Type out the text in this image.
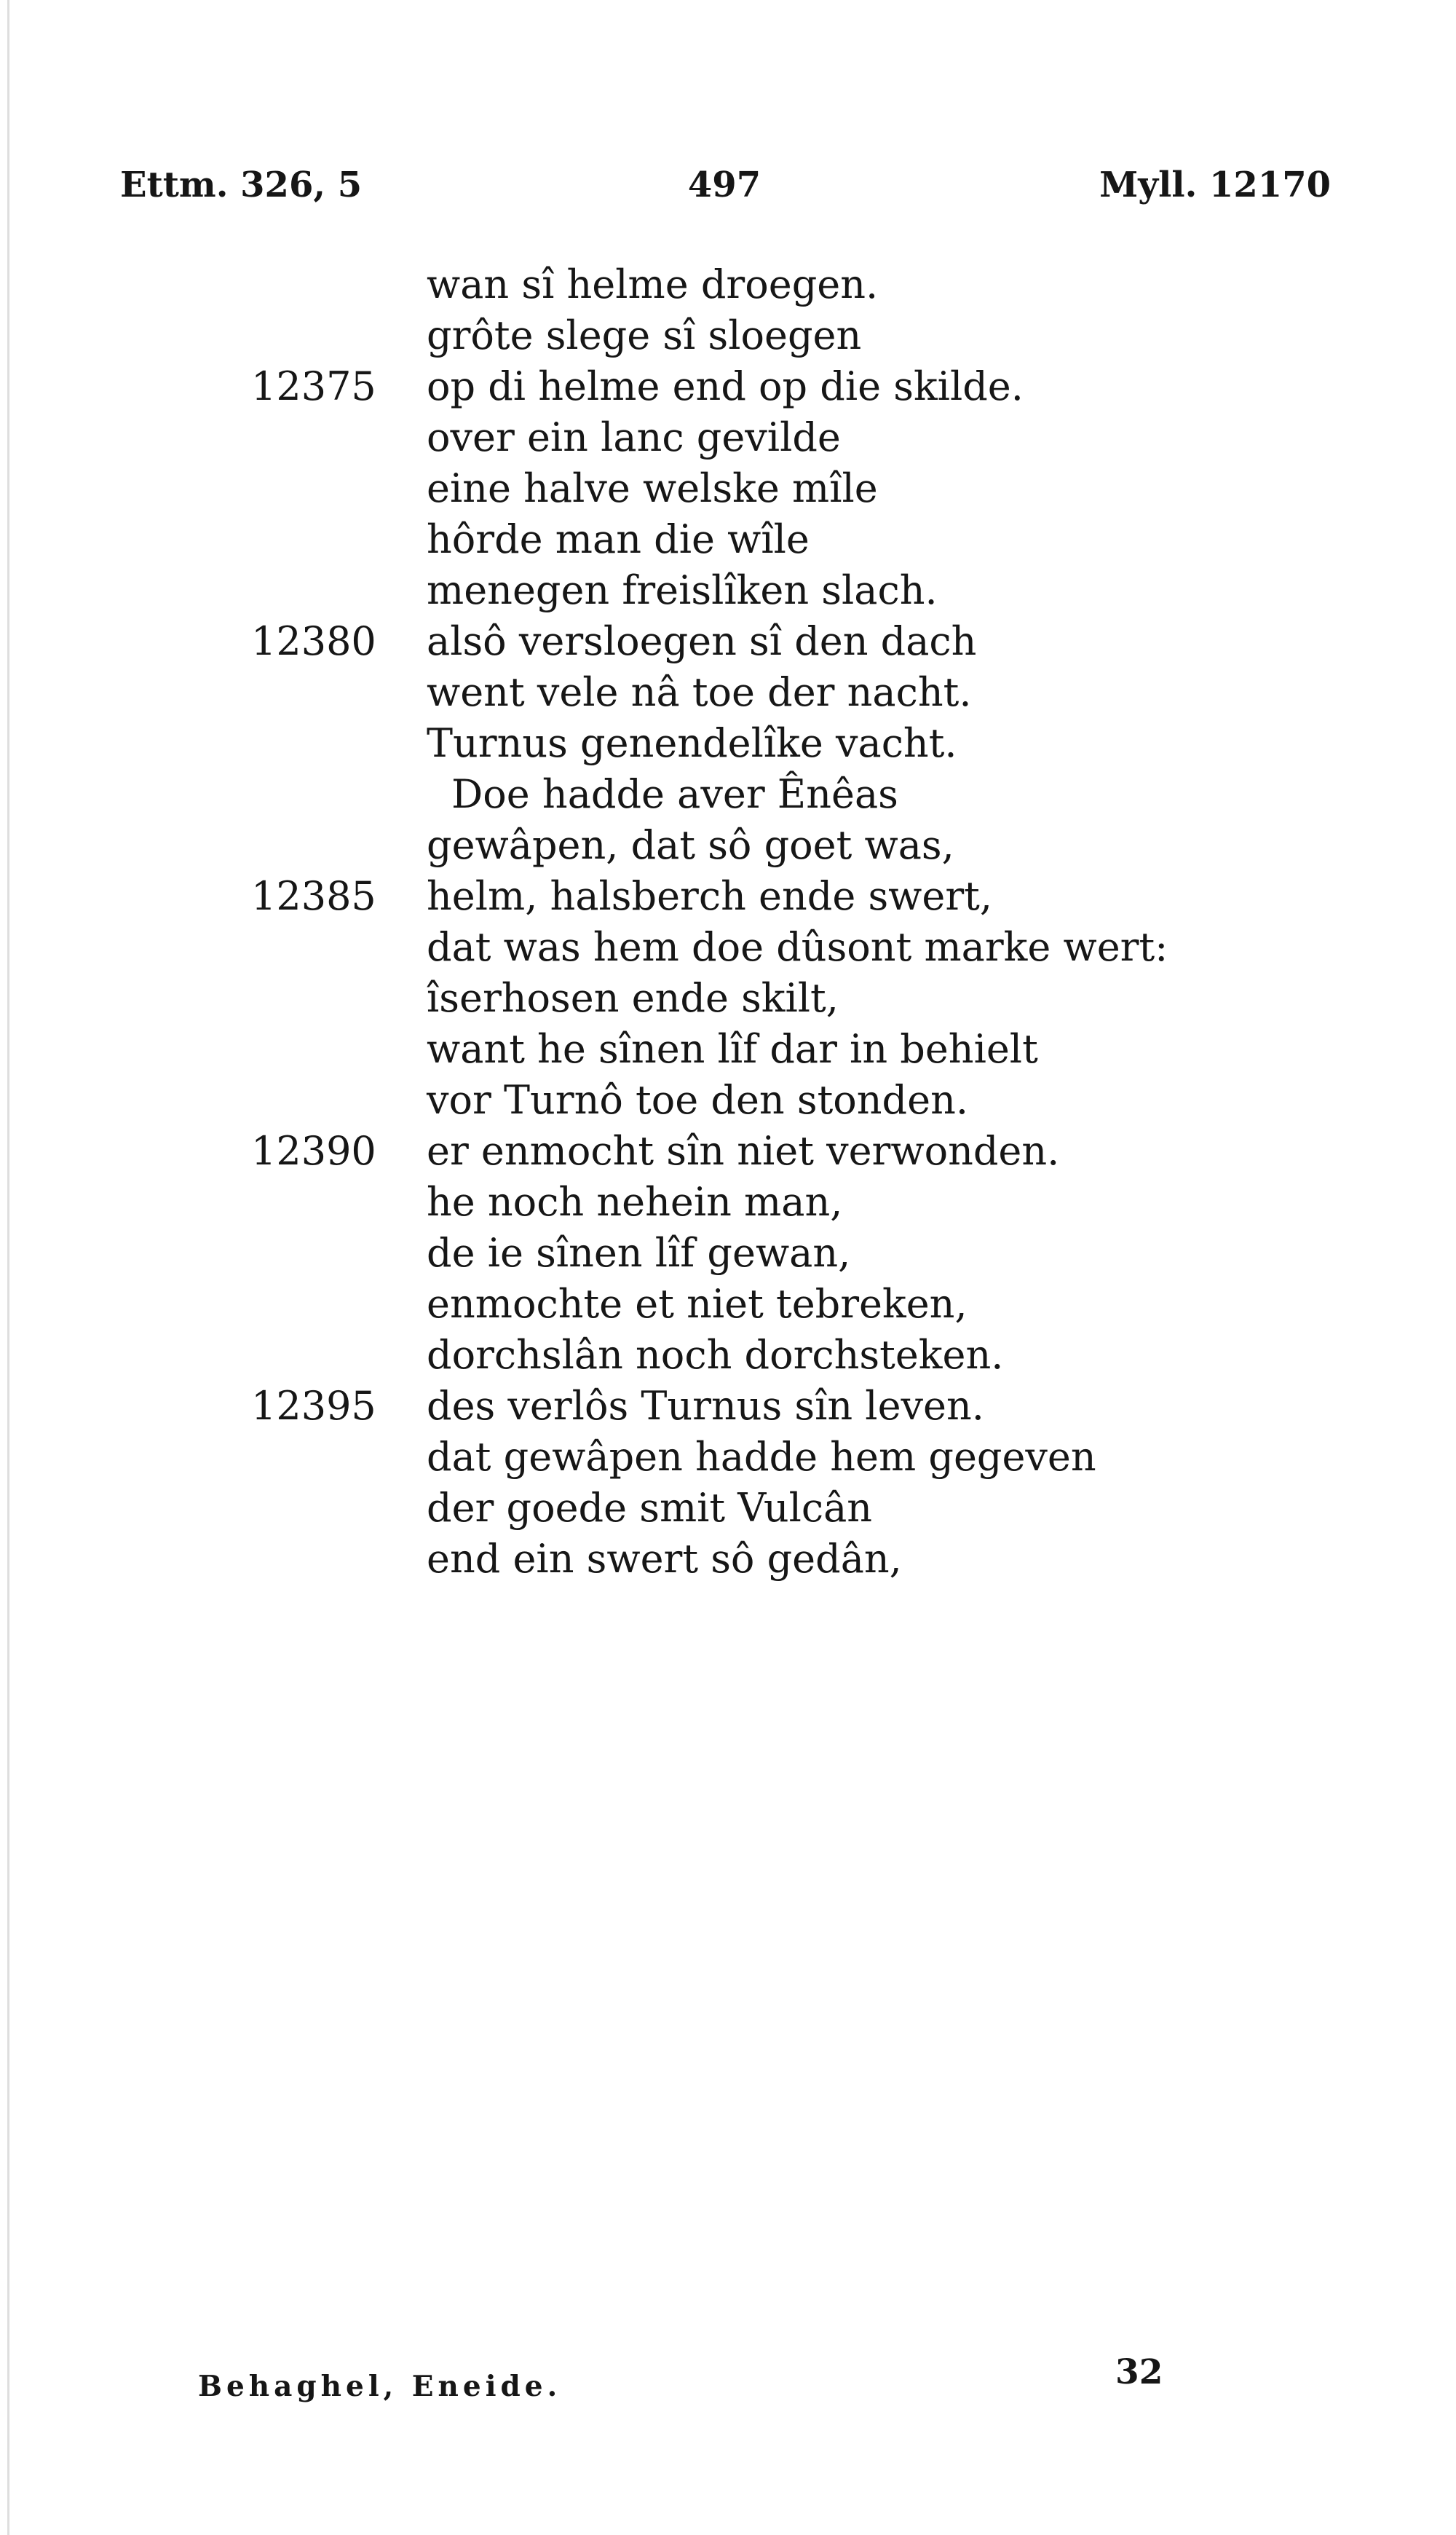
Ettm. 326, 5	497	Myll. 12170
wan sî helme droegen.
grôte slege sî sloegen
12375 op di helme end op die skilde.
over ein lanc gevilde
eine halve welske mîle
hôrde man die wîle
menegen freislîken slach.
12380 alsô versloegen sî den dach
went vele nâ toe der nacht.
Turnus genendelîke vacht.
Doe hadde aver Ênêas
gewâpen, dat sô goet was,
12385 helm, halsberch ende swert,
dat was hem doe dûsont marke wert:
îserhosen ende skilt,
want he sînen lîf dar in behielt
vor Turnô toe den stonden.
12390 er enmocht sîn niet verwonden.
he noch nehein man,
de ie sînen lîf gewan,
enmochte et niet tebreken,
dorchslân noch dorchsteken.
12395 des verlôs Turnus sîn leven.
dat gewâpen hadde hem gegeven
der goede smit Vulcân
end ein swert sô gedân,
Behaghel, Eneide.	32
